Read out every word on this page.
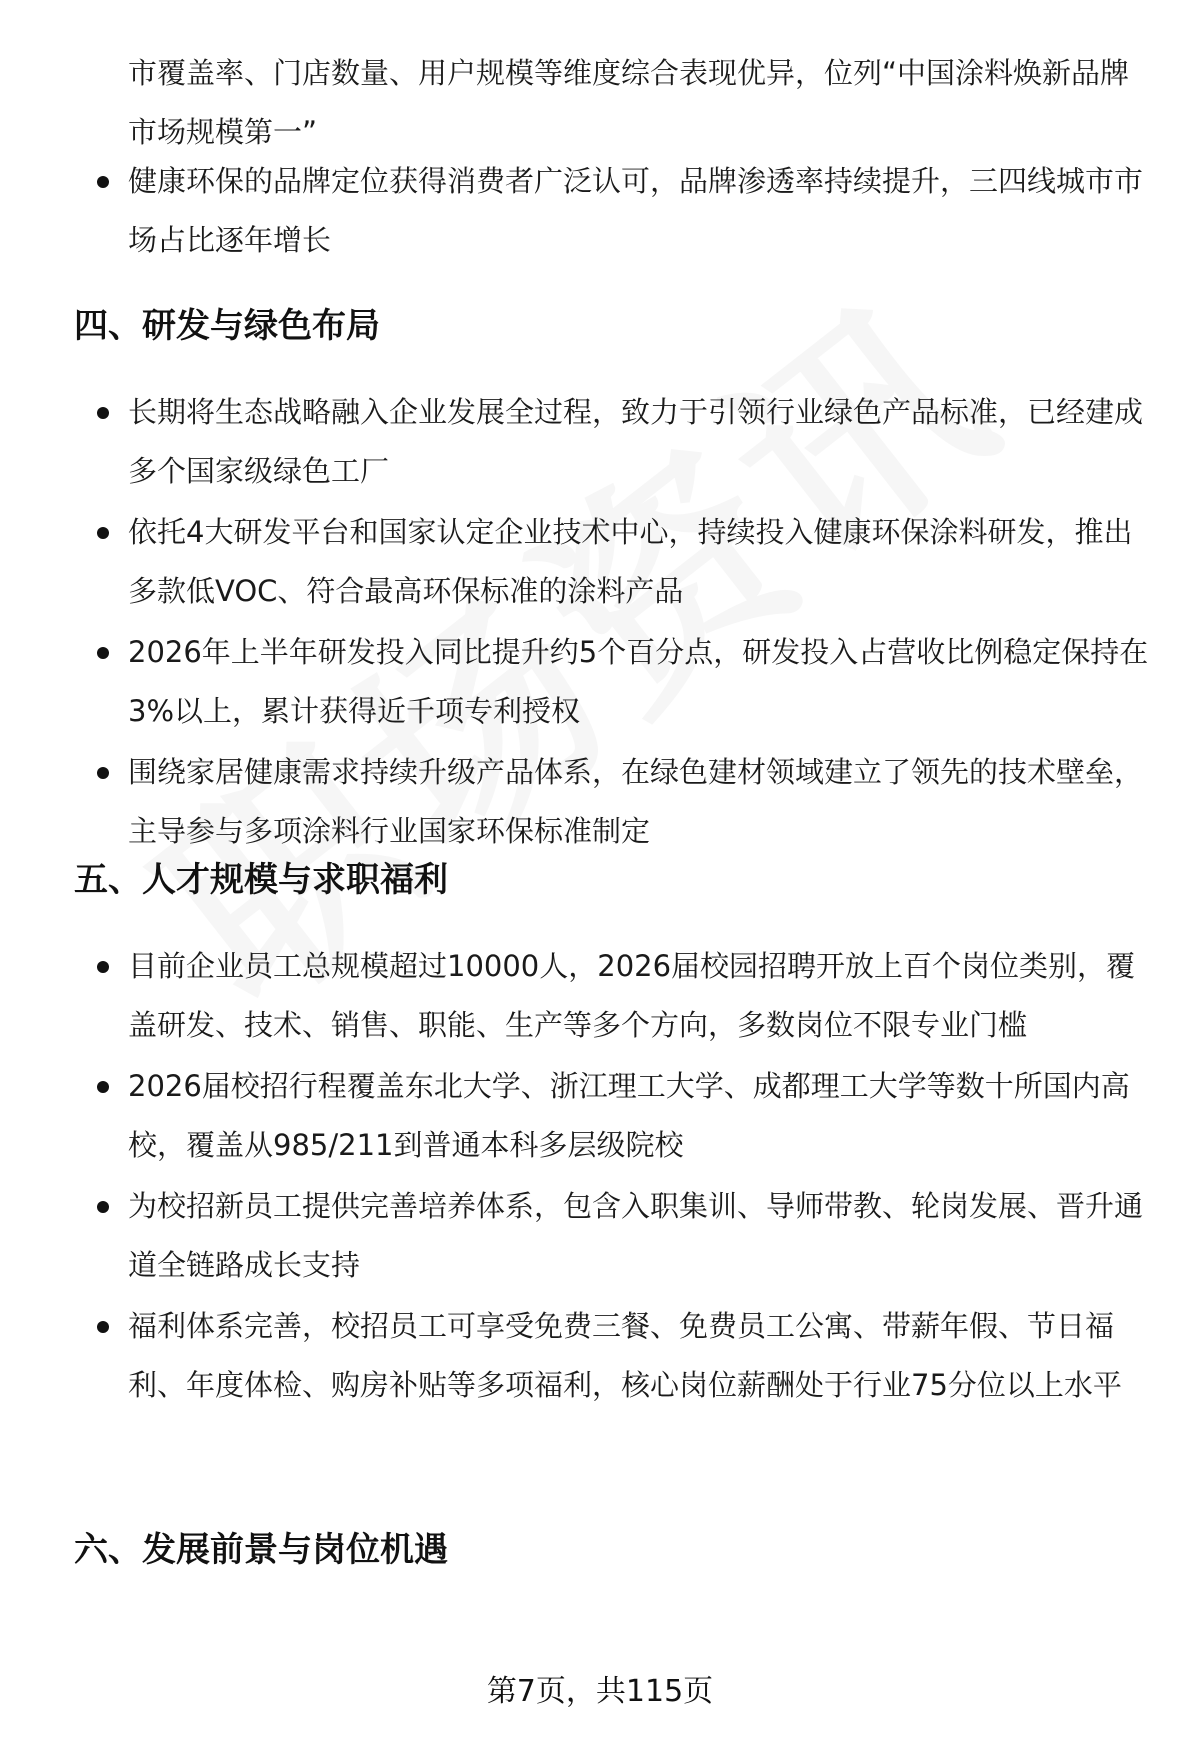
市覆盖率、门店数量、用户规模等维度综合表现优异，位列“中国涂料焕新品牌市场规模第一”
健康环保的品牌定位获得消费者广泛认可，品牌渗透率持续提升，三四线城市市场占比逐年增长
四、研发与绿色布局
长期将生态战略融入企业发展全过程，致力于引领行业绿色产品标准，已经建成多个国家级绿色工厂
依托4大研发平台和国家认定企业技术中心，持续投入健康环保涂料研发，推出多款低VOC、符合最高环保标准的涂料产品
2026年上半年研发投入同比提升约5个百分点，研发投入占营收比例稳定保持在3%以上，累计获得近千项专利授权
围绕家居健康需求持续升级产品体系，在绿色建材领域建立了领先的技术壁垒，主导参与多项涂料行业国家环保标准制定
五、人才规模与求职福利
目前企业员工总规模超过10000人，2026届校园招聘开放上百个岗位类别，覆盖研发、技术、销售、职能、生产等多个方向，多数岗位不限专业门槛
2026届校招行程覆盖东北大学、浙江理工大学、成都理工大学等数十所国内高校，覆盖从985/211到普通本科多层级院校
为校招新员工提供完善培养体系，包含入职集训、导师带教、轮岗发展、晋升通道全链路成长支持
福利体系完善，校招员工可享受免费三餐、免费员工公寓、带薪年假、节日福利、年度体检、购房补贴等多项福利，核心岗位薪酬处于行业75分位以上水平
六、发展前景与岗位机遇
第7页，共115页
